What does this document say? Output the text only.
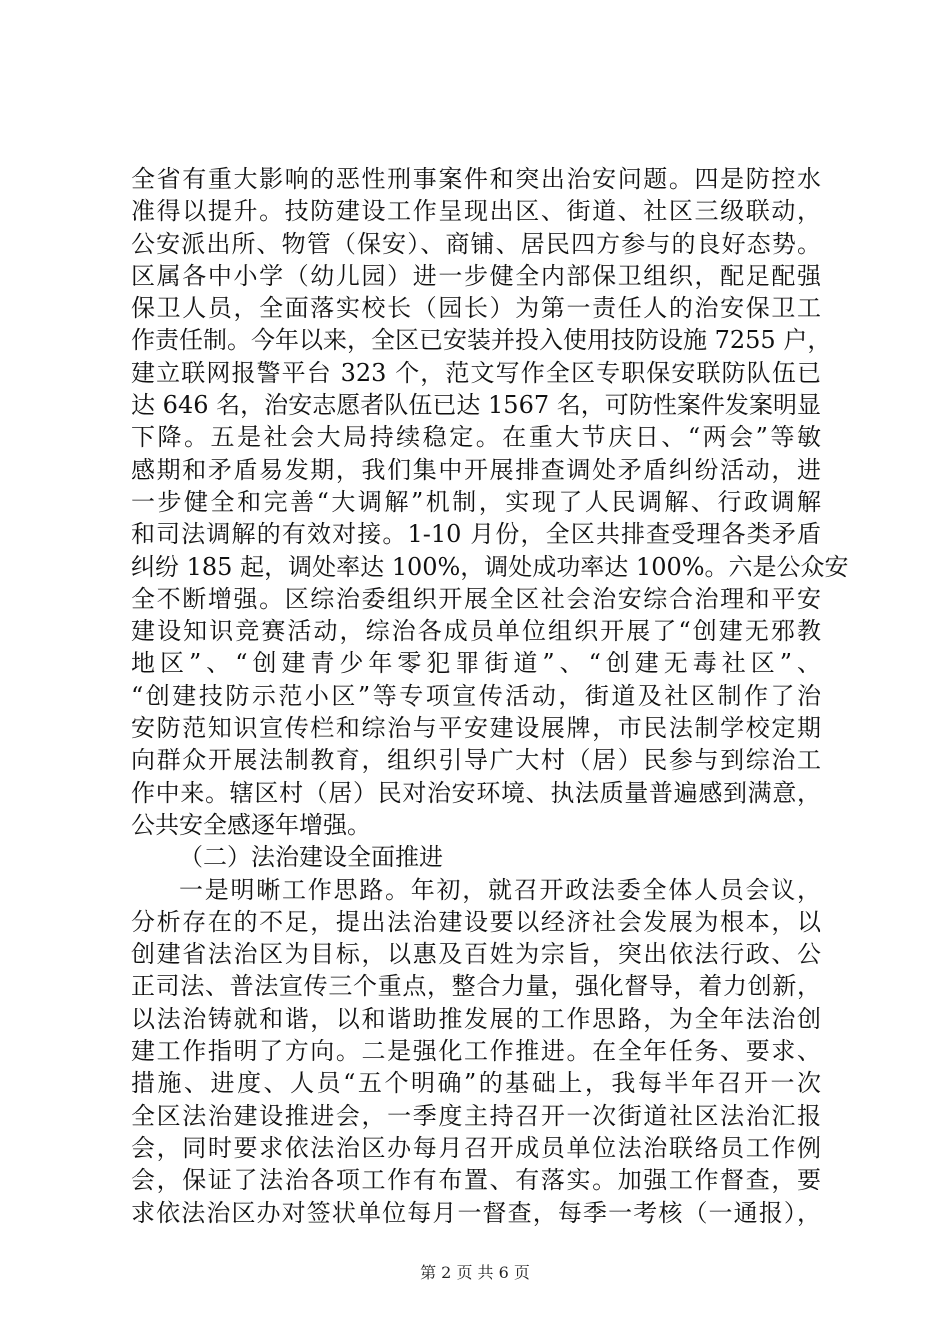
全省有重大影响的恶性刑事案件和突出治安问题。四是防控水
准得以提升。技防建设工作呈现出区、街道、社区三级联动，
公安派出所、物管（保安）、商铺、居民四方参与的良好态势。
区属各中小学（幼儿园）进一步健全内部保卫组织，配足配强
保卫人员，全面落实校长（园长）为第一责任人的治安保卫工
作责任制。今年以来，全区已安装并投入使用技防设施 7255 户，
建立联网报警平台 323 个，范文写作全区专职保安联防队伍已
达 646 名，治安志愿者队伍已达 1567 名，可防性案件发案明显
下降。五是社会大局持续稳定。在重大节庆日、“两会”等敏
感期和矛盾易发期，我们集中开展排查调处矛盾纠纷活动，进
一步健全和完善“大调解”机制，实现了人民调解、行政调解
和司法调解的有效对接。1-10 月份，全区共排查受理各类矛盾
纠纷 185 起，调处率达 100%，调处成功率达 100%。六是公众安
全不断增强。区综治委组织开展全区社会治安综合治理和平安
建设知识竞赛活动，综治各成员单位组织开展了“创建无邪教
地区”、“创建青少年零犯罪街道”、“创建无毒社区”、
“创建技防示范小区”等专项宣传活动，街道及社区制作了治
安防范知识宣传栏和综治与平安建设展牌，市民法制学校定期
向群众开展法制教育，组织引导广大村（居）民参与到综治工
作中来。辖区村（居）民对治安环境、执法质量普遍感到满意，
公共安全感逐年增强。
（二）法治建设全面推进
一是明晰工作思路。年初，就召开政法委全体人员会议，
分析存在的不足，提出法治建设要以经济社会发展为根本，以
创建省法治区为目标，以惠及百姓为宗旨，突出依法行政、公
正司法、普法宣传三个重点，整合力量，强化督导，着力创新，
以法治铸就和谐，以和谐助推发展的工作思路，为全年法治创
建工作指明了方向。二是强化工作推进。在全年任务、要求、
措施、进度、人员“五个明确”的基础上，我每半年召开一次
全区法治建设推进会，一季度主持召开一次街道社区法治汇报
会，同时要求依法治区办每月召开成员单位法治联络员工作例
会，保证了法治各项工作有布置、有落实。加强工作督查，要
求依法治区办对签状单位每月一督查，每季一考核（一通报），
第 2 页 共 6 页
